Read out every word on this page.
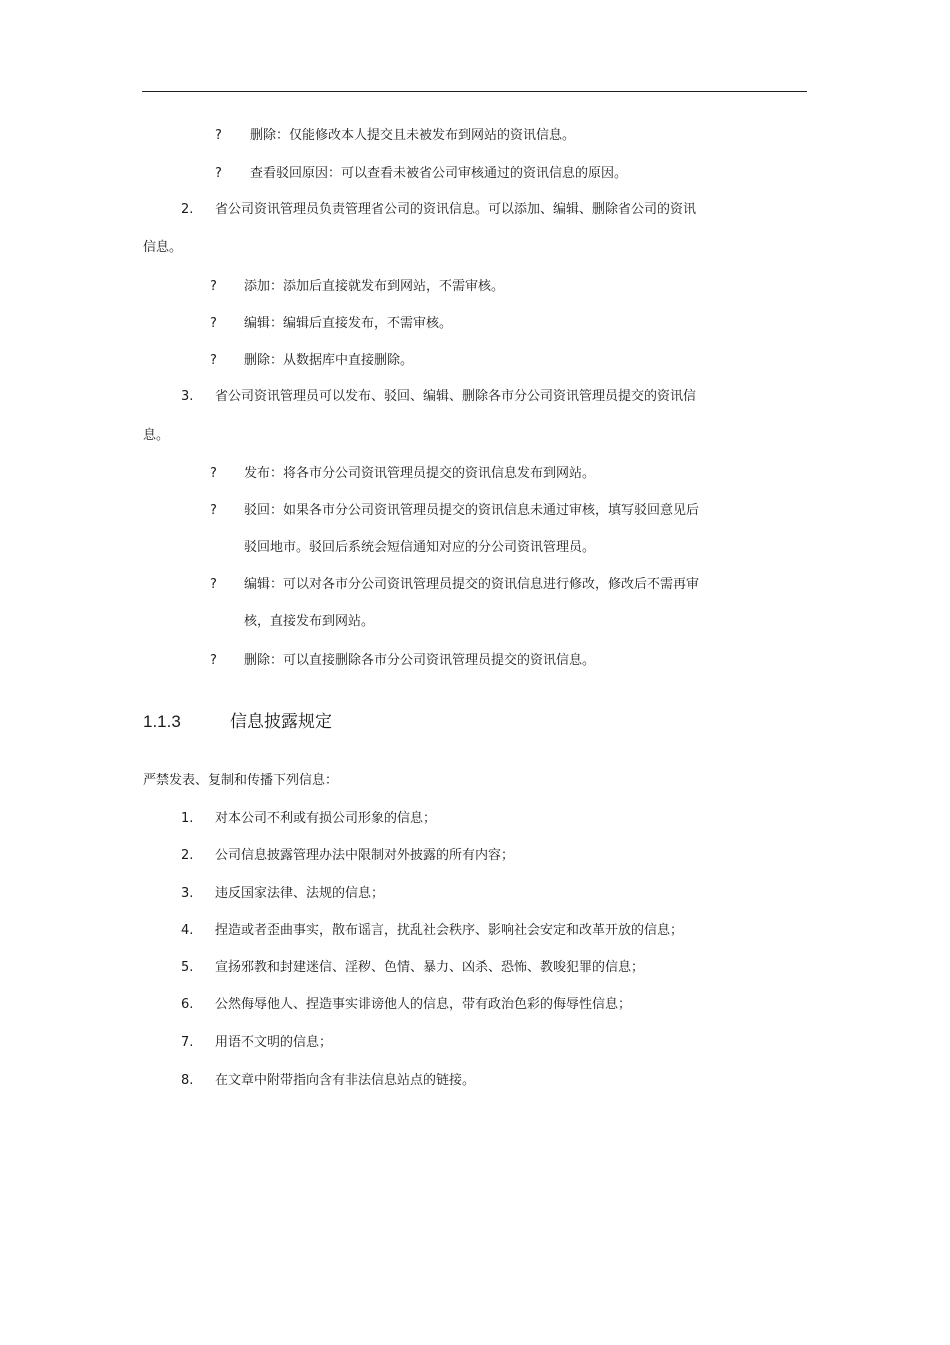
? 删除：仅能修改本人提交且未被发布到网站的资讯信息。
? 查看驳回原因：可以查看未被省公司审核通过的资讯信息的原因。
2. 省公司资讯管理员负责管理省公司的资讯信息。可以添加、编辑、删除省公司的资讯
信息。
? 添加：添加后直接就发布到网站，不需审核。
? 编辑：编辑后直接发布，不需审核。
? 删除：从数据库中直接删除。
3. 省公司资讯管理员可以发布、驳回、编辑、删除各市分公司资讯管理员提交的资讯信
息。
? 发布：将各市分公司资讯管理员提交的资讯信息发布到网站。
? 驳回：如果各市分公司资讯管理员提交的资讯信息未通过审核，填写驳回意见后
驳回地市。驳回后系统会短信通知对应的分公司资讯管理员。
? 编辑：可以对各市分公司资讯管理员提交的资讯信息进行修改，修改后不需再审
核，直接发布到网站。
? 删除：可以直接删除各市分公司资讯管理员提交的资讯信息。
1.1.3	信息披露规定
严禁发表、复制和传播下列信息：
1. 对本公司不利或有损公司形象的信息；
2. 公司信息披露管理办法中限制对外披露的所有内容；
3. 违反国家法律、法规的信息；
4. 捏造或者歪曲事实，散布谣言，扰乱社会秩序、影响社会安定和改革开放的信息；
5. 宣扬邪教和封建迷信、淫秽、色情、暴力、凶杀、恐怖、教唆犯罪的信息；
6. 公然侮辱他人、捏造事实诽谤他人的信息，带有政治色彩的侮辱性信息；
7. 用语不文明的信息；
8. 在文章中附带指向含有非法信息站点的链接。
